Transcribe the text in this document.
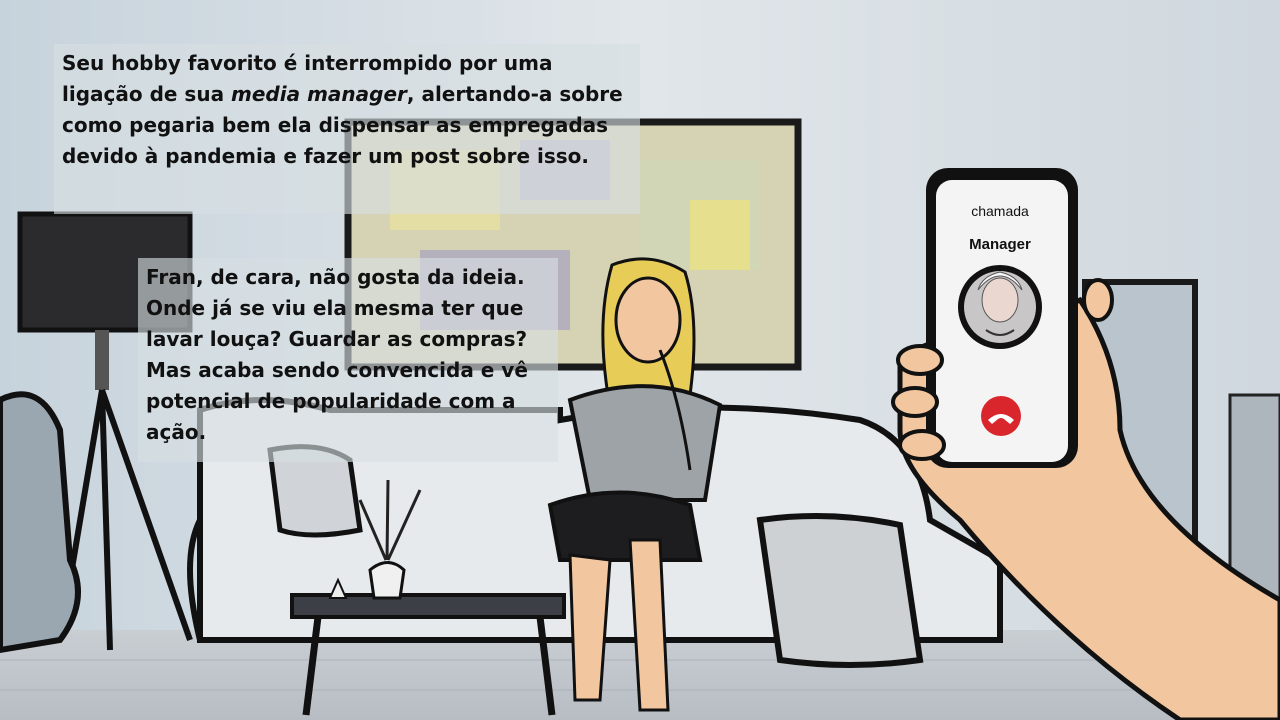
Seu hobby favorito é interrompido por uma ligação de sua media manager, alertando-a sobre como pegaria bem ela dispensar as empregadas devido à pandemia e fazer um post sobre isso.
Fran, de cara, não gosta da ideia. Onde já se viu ela mesma ter que lavar louça? Guardar as compras? Mas acaba sendo convencida e vê potencial de popularidade com a ação.
chamada
Manager
